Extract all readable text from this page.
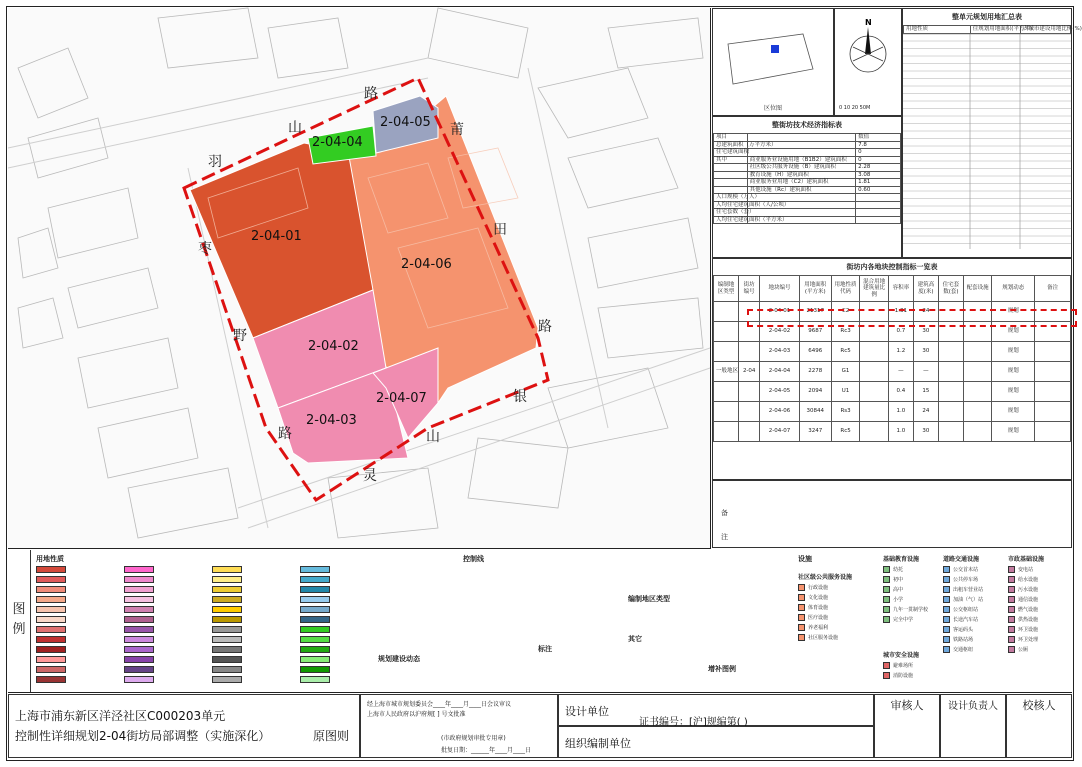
2-04-01
2-04-02
2-04-03
2-04-04
2-04-05
2-04-06
2-04-07
羽
山
路
莆
田
路
银
山
灵
路
野
枣
区位图
N
0 10 20 50M
整街坊技术经济指标表
项目		数值
总建筑面积（万平方米）		7.8
住宅建筑面积		0
其中	商业服务业设施用地（B1B2）建筑面积	0
	社区级公共服务设施（B）建筑面积	2.28
	教育设施（H）建筑面积	3.08
	商业服务业用地（C2）建筑面积	1.81
	其他设施（Rc）建筑面积	0.60
人口规模（万人）		
人均住宅建筑面积（人/公顷）		
住宅套数（套）		
人均住宅建筑面积（平方米）		
整单元规划用地汇总表
用地性质	住规划用地面积(平方米)	占城市建设用地比例(%)
街坊内各地块控制指标一览表
编制地区类型	街坊编号	地块编号	用地面积(平方米)	用地性质代码	混合用地建筑量比例	容积率	建筑高度(米)	住宅套数(套)	配套设施	规划动态	备注
		2-04-01	21317	C2		1.31	24			规划	
		2-04-02	9687	Rc3		0.7	30			规划	
		2-04-03	6496	Rc5		1.2	30			规划	
一般地区	2-04	2-04-04	2278	G1		—	—			规划	
		2-04-05	2094	U1		0.4	15			规划	
		2-04-06	30844	Rs3		1.0	24			规划	
		2-04-07	3247	Rc5		1.0	30			规划	
备注
图
例
用地性质
规划建设动态
控制线
标注
编制地区类型
其它
增补图例
设施
社区级公共服务设施
基础教育设施	道路交通设施	市政基础设施
城市安全设施
行政设施
文化设施
体育设施
医疗设施
养老福利
社区服务设施
幼托
初中
高中
小学
九年一贯制学校
完全中学
公交首末站
公共停车场
出租车营业站
加油（气）站
公交枢纽站
长途汽车站
客运码头
铁路站场
交通枢纽
变电站
给水设施
污水设施
通信设施
燃气设施
供热设施
环卫设施
环卫处理
公厕
避难场所
消防设施
上海市浦东新区洋泾社区C000203单元
控制性详细规划2-04街坊局部调整（实施深化）	原图则
经上海市城市规划委员会____年____月____日会议审议
上海市人民政府以沪府规[ ] 号文批准
(市政府规划审批专用章)
批复日期：______年____月____日
设计单位
证书编号：[沪]规编第( )
组织编制单位
审核人	设计负责人	校核人
